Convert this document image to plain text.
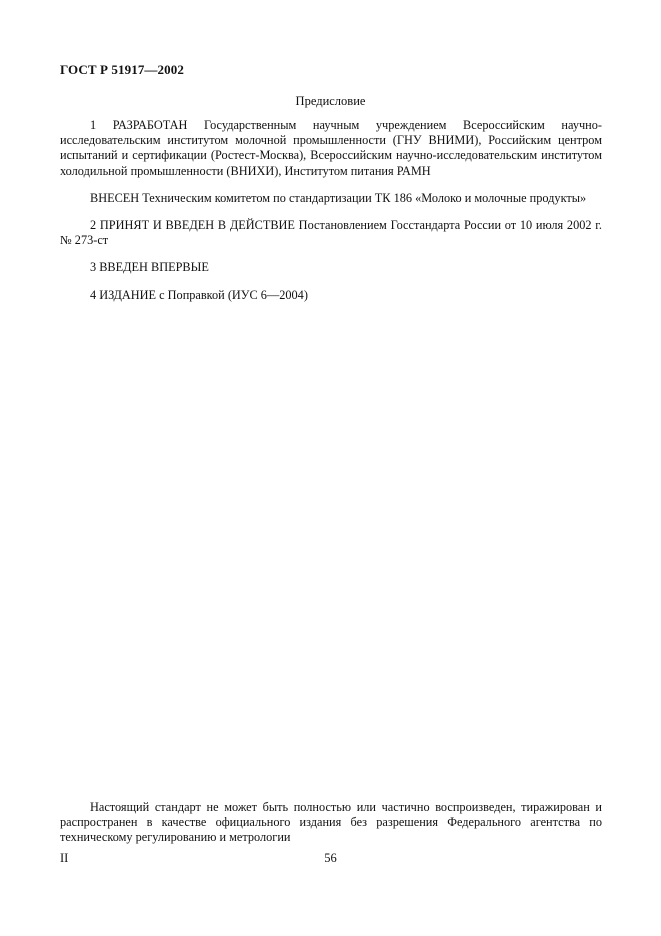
ГОСТ Р 51917—2002
Предисловие

1 РАЗРАБОТАН Государственным научным учреждением Всероссийским научно-исследовательским институтом молочной промышленности (ГНУ ВНИМИ), Российским центром испытаний и сертификации (Ростест-Москва), Всероссийским научно-исследовательским институтом холодильной промышленности (ВНИХИ), Институтом питания РАМН

ВНЕСЕН Техническим комитетом по стандартизации ТК 186 «Молоко и молочные продукты»

2 ПРИНЯТ И ВВЕДЕН В ДЕЙСТВИЕ Постановлением Госстандарта России от 10 июля 2002 г. № 273-ст

3 ВВЕДЕН ВПЕРВЫЕ

4 ИЗДАНИЕ с Поправкой (ИУС 6—2004)

Настоящий стандарт не может быть полностью или частично воспроизведен, тиражирован и распространен в качестве официального издания без разрешения Федерального агентства по техническому регулированию и метрологии

II	56
